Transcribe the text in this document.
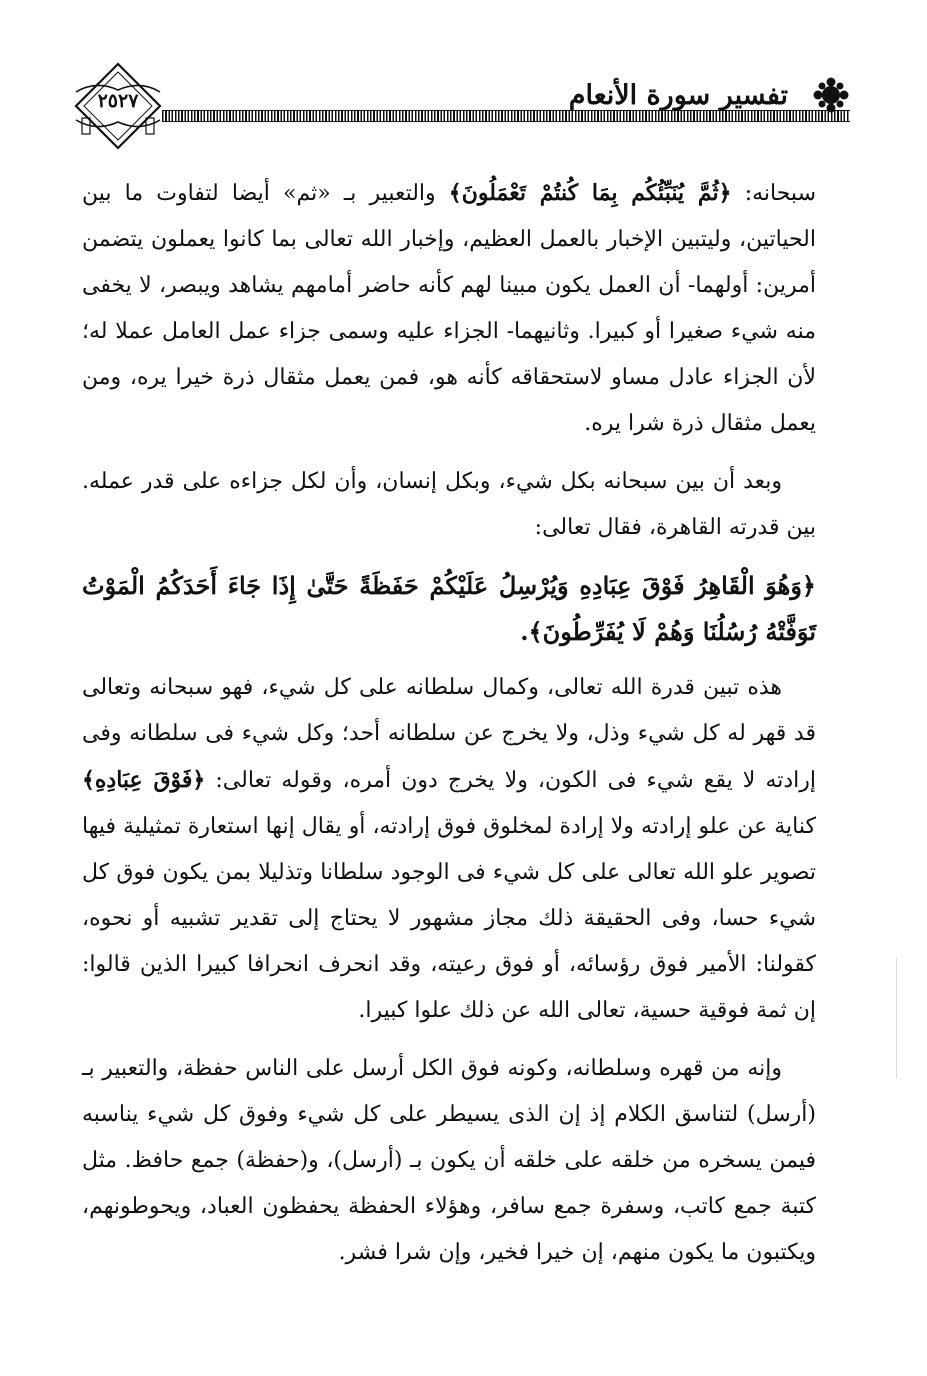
٢٥٢٧	تفسير سورة الأنعام

سبحانه: ﴿ثُمَّ يُنَبِّئُكُم بِمَا كُنتُمْ تَعْمَلُونَ﴾ والتعبير بـ «ثم» أيضا لتفاوت ما بين الحياتين، وليتبين الإخبار بالعمل العظيم، وإخبار الله تعالى بما كانوا يعملون يتضمن أمرين: أولهما- أن العمل يكون مبينا لهم كأنه حاضر أمامهم يشاهد ويبصر، لا يخفى منه شيء صغيرا أو كبيرا. وثانيهما- الجزاء عليه وسمى جزاء عمل العامل عملا له؛ لأن الجزاء عادل مساو لاستحقاقه كأنه هو، فمن يعمل مثقال ذرة خيرا يره، ومن يعمل مثقال ذرة شرا يره.

وبعد أن بين سبحانه بكل شيء، وبكل إنسان، وأن لكل جزاءه على قدر عمله. بين قدرته القاهرة، فقال تعالى:

﴿وَهُوَ الْقَاهِرُ فَوْقَ عِبَادِهِ وَيُرْسِلُ عَلَيْكُمْ حَفَظَةً حَتَّىٰ إِذَا جَاءَ أَحَدَكُمُ الْمَوْتُ تَوَفَّتْهُ رُسُلُنَا وَهُمْ لَا يُفَرِّطُونَ﴾.

هذه تبين قدرة الله تعالى، وكمال سلطانه على كل شيء، فهو سبحانه وتعالى قد قهر له كل شيء وذل، ولا يخرج عن سلطانه أحد؛ وكل شيء فى سلطانه وفى إرادته لا يقع شيء فى الكون، ولا يخرج دون أمره، وقوله تعالى: ﴿فَوْقَ عِبَادِهِ﴾ كناية عن علو إرادته ولا إرادة لمخلوق فوق إرادته، أو يقال إنها استعارة تمثيلية فيها تصوير علو الله تعالى على كل شيء فى الوجود سلطانا وتذليلا بمن يكون فوق كل شيء حسا، وفى الحقيقة ذلك مجاز مشهور لا يحتاج إلى تقدير تشبيه أو نحوه، كقولنا: الأمير فوق رؤسائه، أو فوق رعيته، وقد انحرف انحرافا كبيرا الذين قالوا: إن ثمة فوقية حسية، تعالى الله عن ذلك علوا كبيرا.

وإنه من قهره وسلطانه، وكونه فوق الكل أرسل على الناس حفظة، والتعبير بـ (أرسل) لتناسق الكلام إذ إن الذى يسيطر على كل شيء وفوق كل شيء يناسبه فيمن يسخره من خلقه على خلقه أن يكون بـ (أرسل)، و(حفظة) جمع حافظ. مثل كتبة جمع كاتب، وسفرة جمع سافر، وهؤلاء الحفظة يحفظون العباد، ويحوطونهم، ويكتبون ما يكون منهم، إن خيرا فخير، وإن شرا فشر.
